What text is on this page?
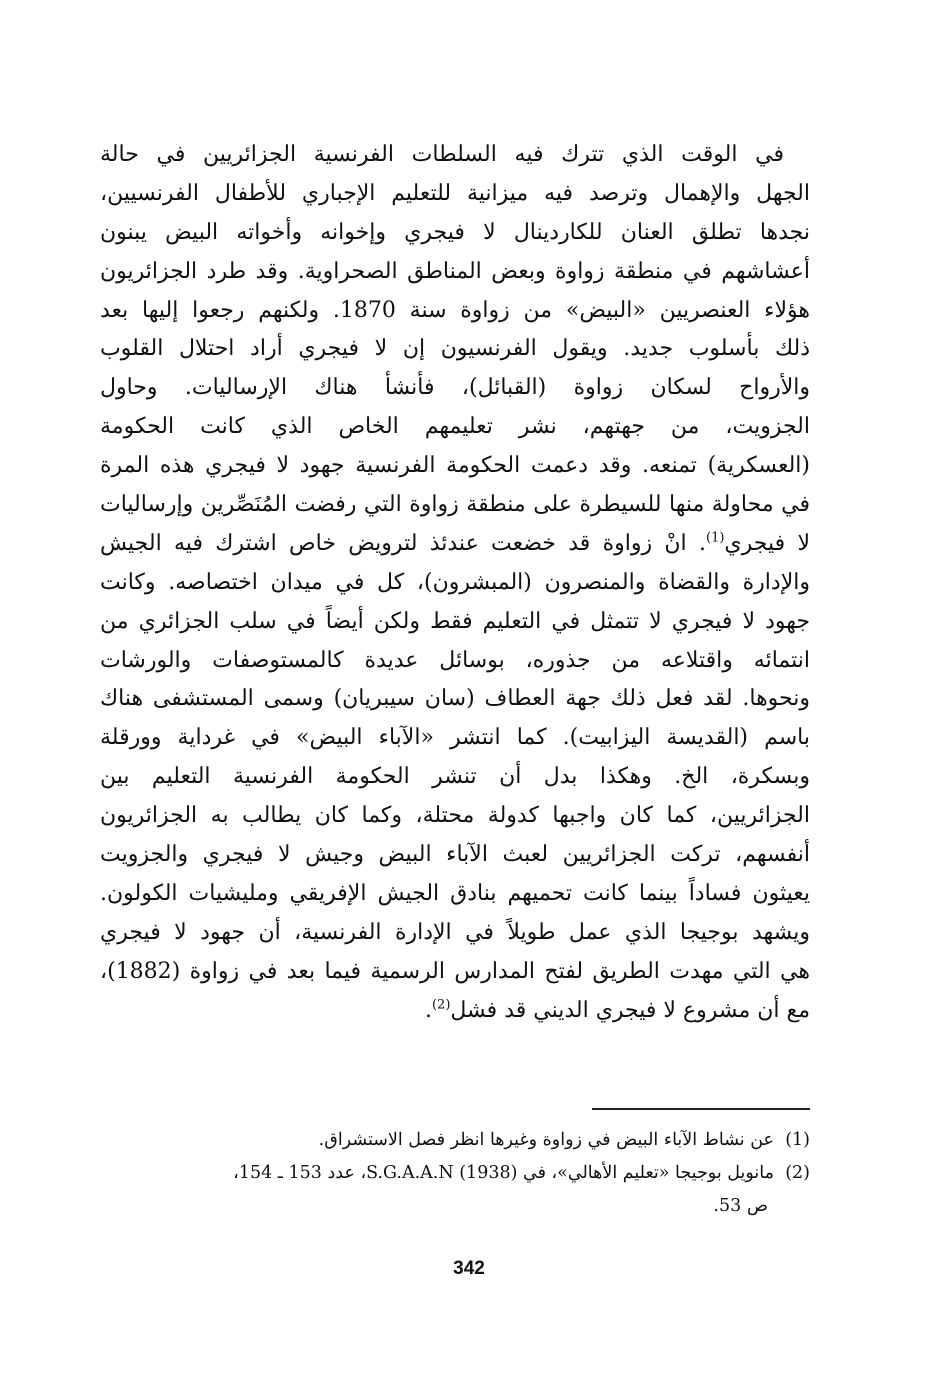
في الوقت الذي تترك فيه السلطات الفرنسية الجزائريين في حالة
الجهل والإهمال وترصد فيه ميزانية للتعليم الإجباري للأطفال الفرنسيين،
نجدها تطلق العنان للكاردينال لا فيجري وإخوانه وأخواته البيض يبنون
أعشاشهم في منطقة زواوة وبعض المناطق الصحراوية. وقد طرد الجزائريون
هؤلاء العنصريين «البيض» من زواوة سنة 1870. ولكنهم رجعوا إليها بعد
ذلك بأسلوب جديد. ويقول الفرنسيون إن لا فيجري أراد احتلال القلوب
والأرواح لسكان زواوة (القبائل)، فأنشأ هناك الإرساليات. وحاول
الجزويت، من جهتهم، نشر تعليمهم الخاص الذي كانت الحكومة
(العسكرية) تمنعه. وقد دعمت الحكومة الفرنسية جهود لا فيجري هذه المرة
في محاولة منها للسيطرة على منطقة زواوة التي رفضت المُنَصِّرين وإرساليات
لا فيجري$^{(1)}$. انْ زواوة قد خضعت عندئذ لترويض خاص اشترك فيه الجيش
والإدارة والقضاة والمنصرون (المبشرون)، كل في ميدان اختصاصه. وكانت
جهود لا فيجري لا تتمثل في التعليم فقط ولكن أيضاً في سلب الجزائري من
انتمائه واقتلاعه من جذوره، بوسائل عديدة كالمستوصفات والورشات
ونحوها. لقد فعل ذلك جهة العطاف (سان سيبريان) وسمى المستشفى هناك
باسم (القديسة اليزابيت). كما انتشر «الآباء البيض» في غرداية وورقلة
وبسكرة، الخ. وهكذا بدل أن تنشر الحكومة الفرنسية التعليم بين
الجزائريين، كما كان واجبها كدولة محتلة، وكما كان يطالب به الجزائريون
أنفسهم، تركت الجزائريين لعبث الآباء البيض وجيش لا فيجري والجزويت
يعيثون فساداً بينما كانت تحميهم بنادق الجيش الإفريقي ومليشيات الكولون.
ويشهد بوجيجا الذي عمل طويلاً في الإدارة الفرنسية، أن جهود لا فيجري
هي التي مهدت الطريق لفتح المدارس الرسمية فيما بعد في زواوة (1882)،
مع أن مشروع لا فيجري الديني قد فشل$^{(2)}$.
(1)عن نشاط الآباء البيض في زواوة وغيرها انظر فصل الاستشراق.
(2)مانويل بوجيجا «تعليم الأهالي»، في S.G.A.A.N (1938)، عدد 153 ـ 154،
ص 53.
342
